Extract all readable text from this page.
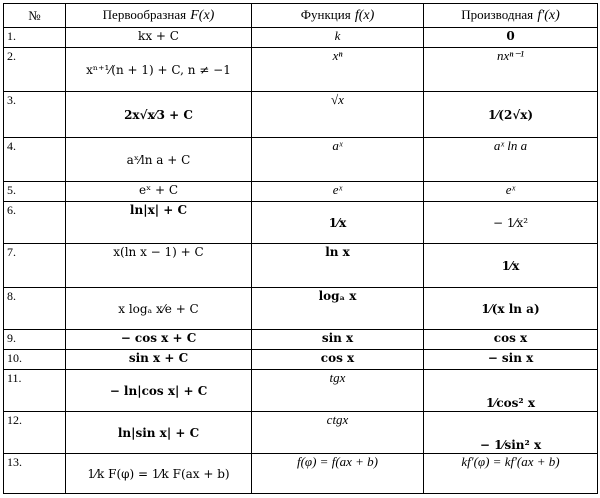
№	Первообразная F(x)	Функция f(x)	Производная f′(x)
1.	kx + C	k	0
2.	xⁿ⁺¹⁄(n + 1) + C, n ≠ −1	xⁿ	nxⁿ⁻¹
3.	2x√x⁄3 + C	√x	1⁄(2√x)
4.	aˣ⁄ln a + C	aˣ	aˣ ln a
5.	eˣ + C	eˣ	eˣ
6.	ln|x| + C	1⁄x	− 1⁄x²
7.	x(ln x − 1) + C	ln x	1⁄x
8.	x logₐ x⁄e + C	logₐ x	1⁄(x ln a)
9.	− cos x + C	sin x	cos x
10.	sin x + C	cos x	− sin x
11.	− ln|cos x| + C	tgx	1⁄cos² x
12.	ln|sin x| + C	ctgx	− 1⁄sin² x
13.	1⁄k F(φ) = 1⁄k F(ax + b)	f(φ) = f(ax + b)	kf′(φ) = kf′(ax + b)
